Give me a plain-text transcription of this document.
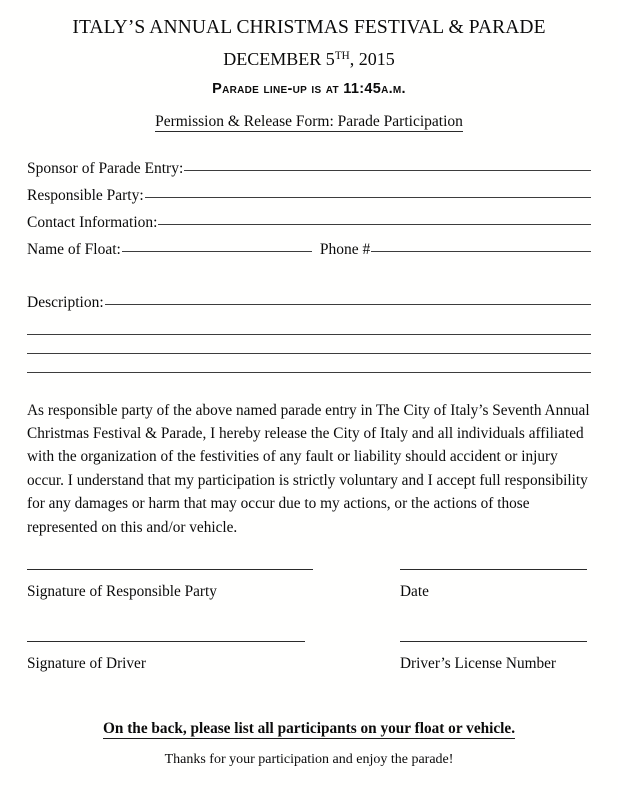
ITALY’S ANNUAL CHRISTMAS FESTIVAL & PARADE
DECEMBER 5TH, 2015
Parade line-up is at 11:45a.m.
Permission & Release Form: Parade Participation
Sponsor of Parade Entry:
Responsible Party:
Contact Information:
Name of Float:	Phone #
Description:
As responsible party of the above named parade entry in The City of Italy’s Seventh Annual Christmas Festival & Parade, I hereby release the City of Italy and all individuals affiliated with the organization of the festivities of any fault or liability should accident or injury occur. I understand that my participation is strictly voluntary and I accept full responsibility for any damages or harm that may occur due to my actions, or the actions of those represented on this and/or vehicle.
Signature of Responsible Party	Date
Signature of Driver	Driver’s License Number
On the back, please list all participants on your float or vehicle.
Thanks for your participation and enjoy the parade!
